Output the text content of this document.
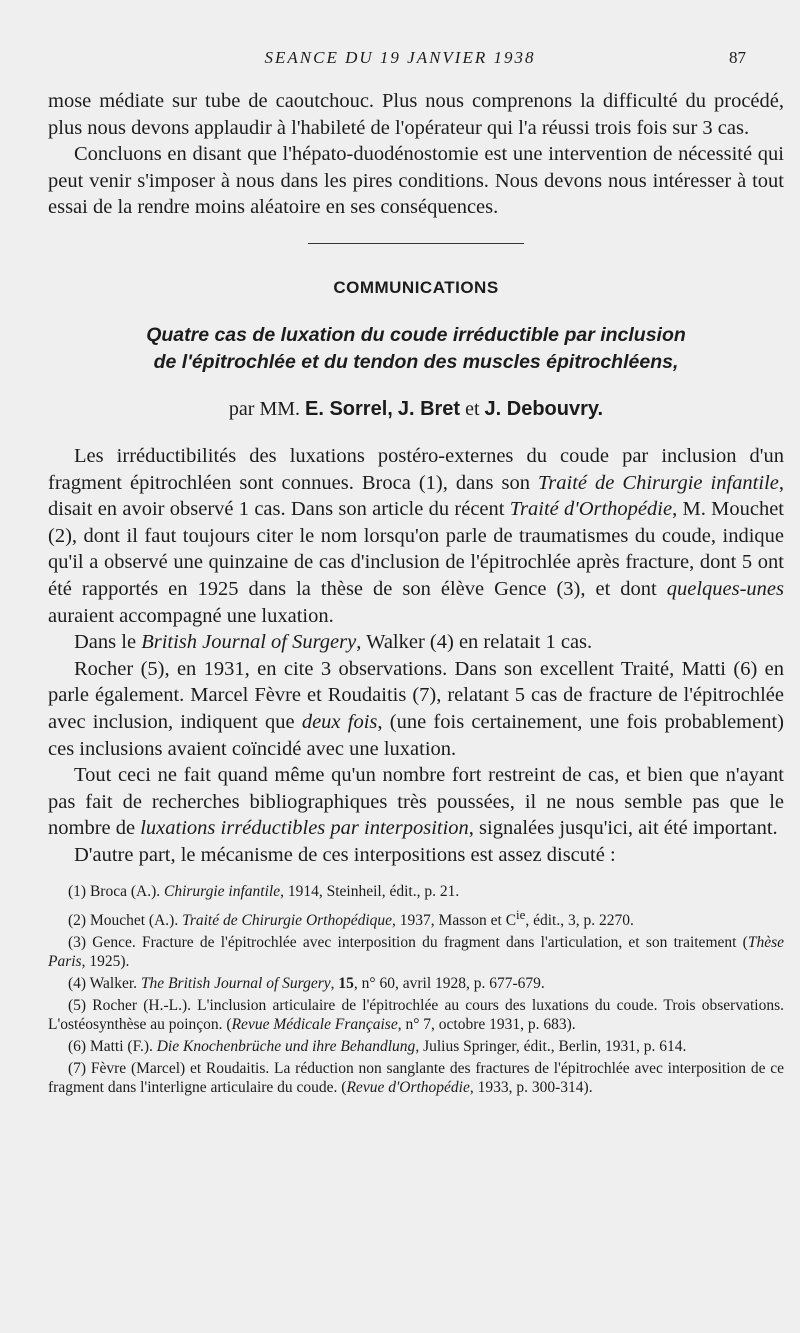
SEANCE DU 19 JANVIER 1938	87

mose médiate sur tube de caoutchouc. Plus nous comprenons la difficulté du procédé, plus nous devons applaudir à l'habileté de l'opérateur qui l'a réussi trois fois sur 3 cas.

Concluons en disant que l'hépato-duodénostomie est une intervention de nécessité qui peut venir s'imposer à nous dans les pires conditions. Nous devons nous intéresser à tout essai de la rendre moins aléatoire en ses conséquences.

COMMUNICATIONS
Quatre cas de luxation du coude irréductible par inclusion
de l'épitrochlée et du tendon des muscles épitrochléens,
par MM. E. Sorrel, J. Bret et J. Debouvry.

Les irréductibilités des luxations postéro-externes du coude par inclusion d'un fragment épitrochléen sont connues. Broca (1), dans son Traité de Chirurgie infantile, disait en avoir observé 1 cas. Dans son article du récent Traité d'Orthopédie, M. Mouchet (2), dont il faut toujours citer le nom lorsqu'on parle de traumatismes du coude, indique qu'il a observé une quinzaine de cas d'inclusion de l'épitrochlée après fracture, dont 5 ont été rapportés en 1925 dans la thèse de son élève Gence (3), et dont quelques-unes auraient accompagné une luxation.

Dans le British Journal of Surgery, Walker (4) en relatait 1 cas.

Rocher (5), en 1931, en cite 3 observations. Dans son excellent Traité, Matti (6) en parle également. Marcel Fèvre et Roudaitis (7), relatant 5 cas de fracture de l'épitrochlée avec inclusion, indiquent que deux fois, (une fois certainement, une fois probablement) ces inclusions avaient coïncidé avec une luxation.

Tout ceci ne fait quand même qu'un nombre fort restreint de cas, et bien que n'ayant pas fait de recherches bibliographiques très poussées, il ne nous semble pas que le nombre de luxations irréductibles par interposition, signalées jusqu'ici, ait été important.

D'autre part, le mécanisme de ces interpositions est assez discuté :

(1) Broca (A.). Chirurgie infantile, 1914, Steinheil, édit., p. 21.

(2) Mouchet (A.). Traité de Chirurgie Orthopédique, 1937, Masson et $C^{ie}$, édit., 3, p. 2270.

(3) Gence. Fracture de l'épitrochlée avec interposition du fragment dans l'articulation, et son traitement (Thèse Paris, 1925).

(4) Walker. The British Journal of Surgery, 15, n° 60, avril 1928, p. 677-679.

(5) Rocher (H.-L.). L'inclusion articulaire de l'épitrochlée au cours des luxations du coude. Trois observations. L'ostéosynthèse au poinçon. (Revue Médicale Française, n° 7, octobre 1931, p. 683).

(6) Matti (F.). Die Knochenbrüche und ihre Behandlung, Julius Springer, édit., Berlin, 1931, p. 614.

(7) Fèvre (Marcel) et Roudaitis. La réduction non sanglante des fractures de l'épitrochlée avec interposition de ce fragment dans l'interligne articulaire du coude. (Revue d'Orthopédie, 1933, p. 300-314).
